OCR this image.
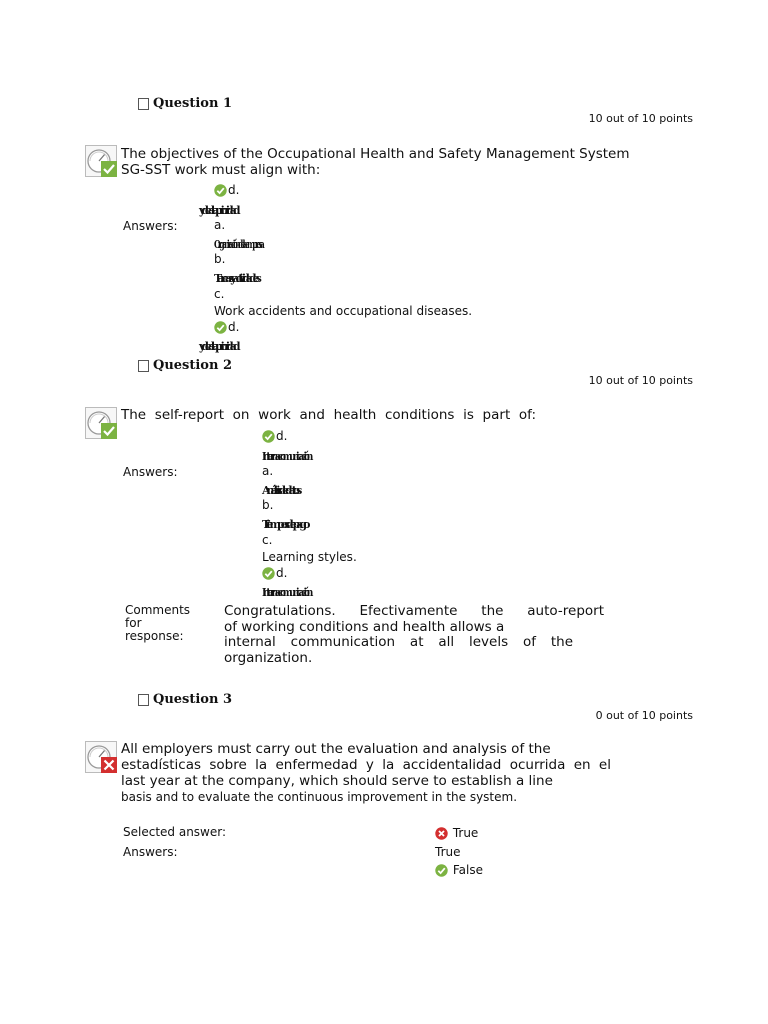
Question 1
10 out of 10 points
The objectives of the Occupational Health and Safety Management System
SG-SST work must align with:
d.
y de alta prioridad
Answers:	a.
Organización de la empresa
b.
Tareas y actividades
c.
Work accidents and occupational diseases.
d.
y de alta prioridad
Question 2
10 out of 10 points
The self-report on work and health conditions is part of:
d.
Interna comunicación
Answers:	a.
Análisis de datos
b.
Tiempos de pago
c.
Learning styles.
d.
Interna comunicación
Comments
for
response:
Congratulations. Efectivamente the auto-report
of working conditions and health allows a
internal communication at all levels of the
organization.
Question 3
0 out of 10 points
All employers must carry out the evaluation and analysis of the
estadísticas sobre la enfermedad y la accidentalidad ocurrida en el
last year at the company, which should serve to establish a line
basis and to evaluate the continuous improvement in the system.
Selected answer:	True
Answers:	True
False
